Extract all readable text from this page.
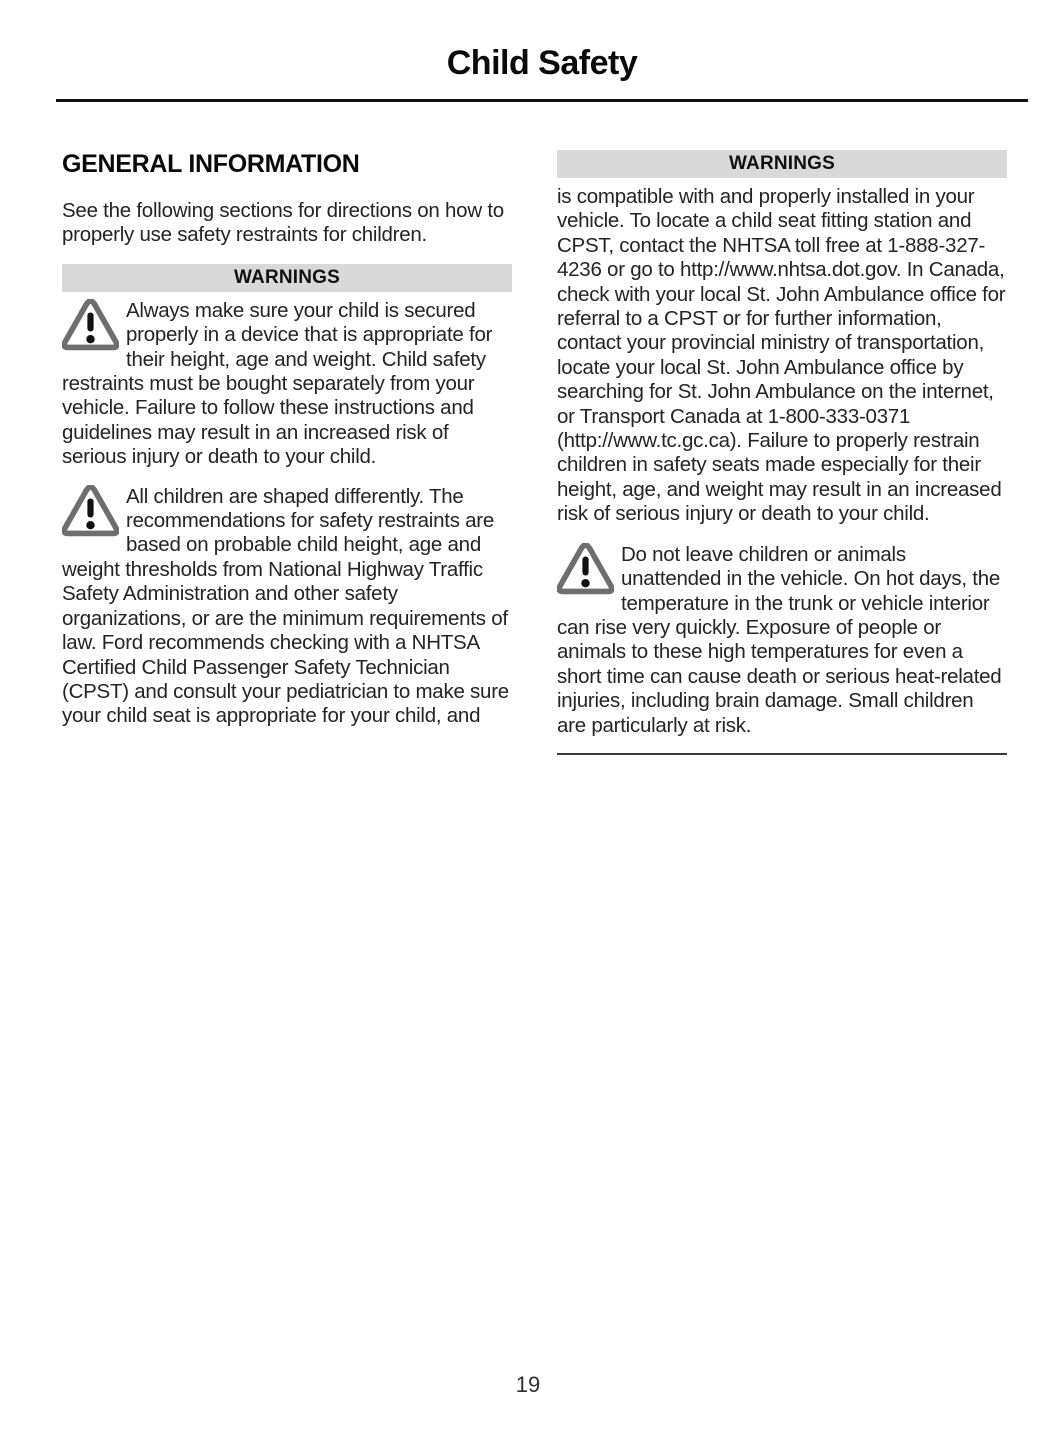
Child Safety
GENERAL INFORMATION

See the following sections for directions on how to properly use safety restraints for children.

WARNINGS
Always make sure your child is secured properly in a device that is appropriate for their height, age and weight. Child safety restraints must be bought separately from your vehicle. Failure to follow these instructions and guidelines may result in an increased risk of serious injury or death to your child.
All children are shaped differently. The recommendations for safety restraints are based on probable child height, age and weight thresholds from National Highway Traffic Safety Administration and other safety organizations, or are the minimum requirements of law. Ford recommends checking with a NHTSA Certified Child Passenger Safety Technician (CPST) and consult your pediatrician to make sure your child seat is appropriate for your child, and
WARNINGS

is compatible with and properly installed in your vehicle. To locate a child seat fitting station and CPST, contact the NHTSA toll free at 1-888-327-4236 or go to http://www.nhtsa.dot.gov. In Canada, check with your local St. John Ambulance office for referral to a CPST or for further information, contact your provincial ministry of transportation, locate your local St. John Ambulance office by searching for St. John Ambulance on the internet, or Transport Canada at 1-800-333-0371 (http://www.tc.gc.ca). Failure to properly restrain children in safety seats made especially for their height, age, and weight may result in an increased risk of serious injury or death to your child.

Do not leave children or animals unattended in the vehicle. On hot days, the temperature in the trunk or vehicle interior can rise very quickly. Exposure of people or animals to these high temperatures for even a short time can cause death or serious heat-related injuries, including brain damage. Small children are particularly at risk.
19
